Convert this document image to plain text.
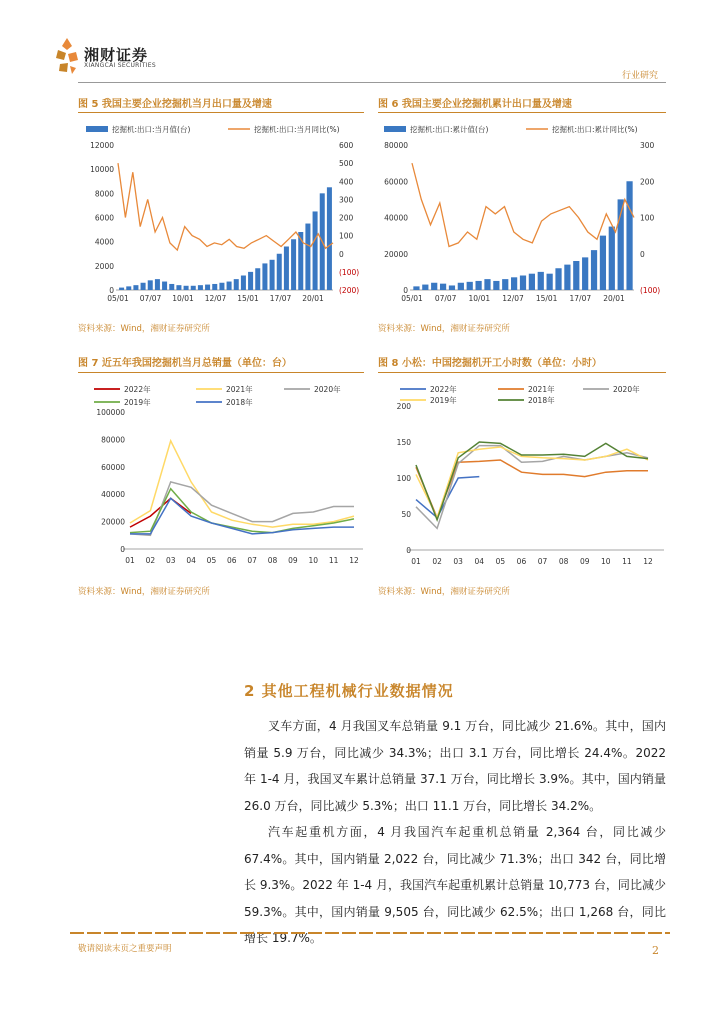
湘财证券
XIANGCAI SECURITIES
行业研究
图 5 我国主要企业挖掘机当月出口量及增速	图 6 我国主要企业挖掘机累计出口量及增速
挖掘机:出口:当月值(台)	挖掘机:出口:当月同比(%)
0
2000
4000
6000
8000
10000
12000
(200)
(100)
0
100
200
300
400
500
600
05/01 07/07 10/01 12/07 15/01 17/07 20/01
挖掘机:出口:累计值(台)	挖掘机:出口:累计同比(%)
0
20000
40000
60000
80000
(100)
0
100
200
300
05/01 07/07 10/01 12/07 15/01 17/07 20/01
资料来源：Wind，湘财证券研究所	资料来源：Wind，湘财证券研究所
图 7 近五年我国挖掘机当月总销量（单位：台）	图 8 小松：中国挖掘机开工小时数（单位：小时）
0
20000
40000
60000
80000
100000
01 02 03 04 05 06 07 08 09 10 11 12
2022年	2021年	2020年
2019年	2018年
0
50
100
150
200
01 02 03 04 05 06 07 08 09 10 11 12
2022年	2021年	2020年
2019年	2018年
资料来源：Wind，湘财证券研究所	资料来源：Wind，湘财证券研究所
2 其他工程机械行业数据情况
叉车方面，4 月我国叉车总销量 9.1 万台，同比减少 21.6%。其中，国内销量 5.9 万台，同比减少 34.3%；出口 3.1 万台，同比增长 24.4%。2022 年 1-4 月，我国叉车累计总销量 37.1 万台，同比增长 3.9%。其中，国内销量 26.0 万台，同比减少 5.3%；出口 11.1 万台，同比增长 34.2%。
汽车起重机方面，4 月我国汽车起重机总销量 2,364 台，同比减少 67.4%。其中，国内销量 2,022 台，同比减少 71.3%；出口 342 台，同比增长 9.3%。2022 年 1-4 月，我国汽车起重机累计总销量 10,773 台，同比减少 59.3%。其中，国内销量 9,505 台，同比减少 62.5%；出口 1,268 台，同比增长 19.7%。
敬请阅读末页之重要声明	2
